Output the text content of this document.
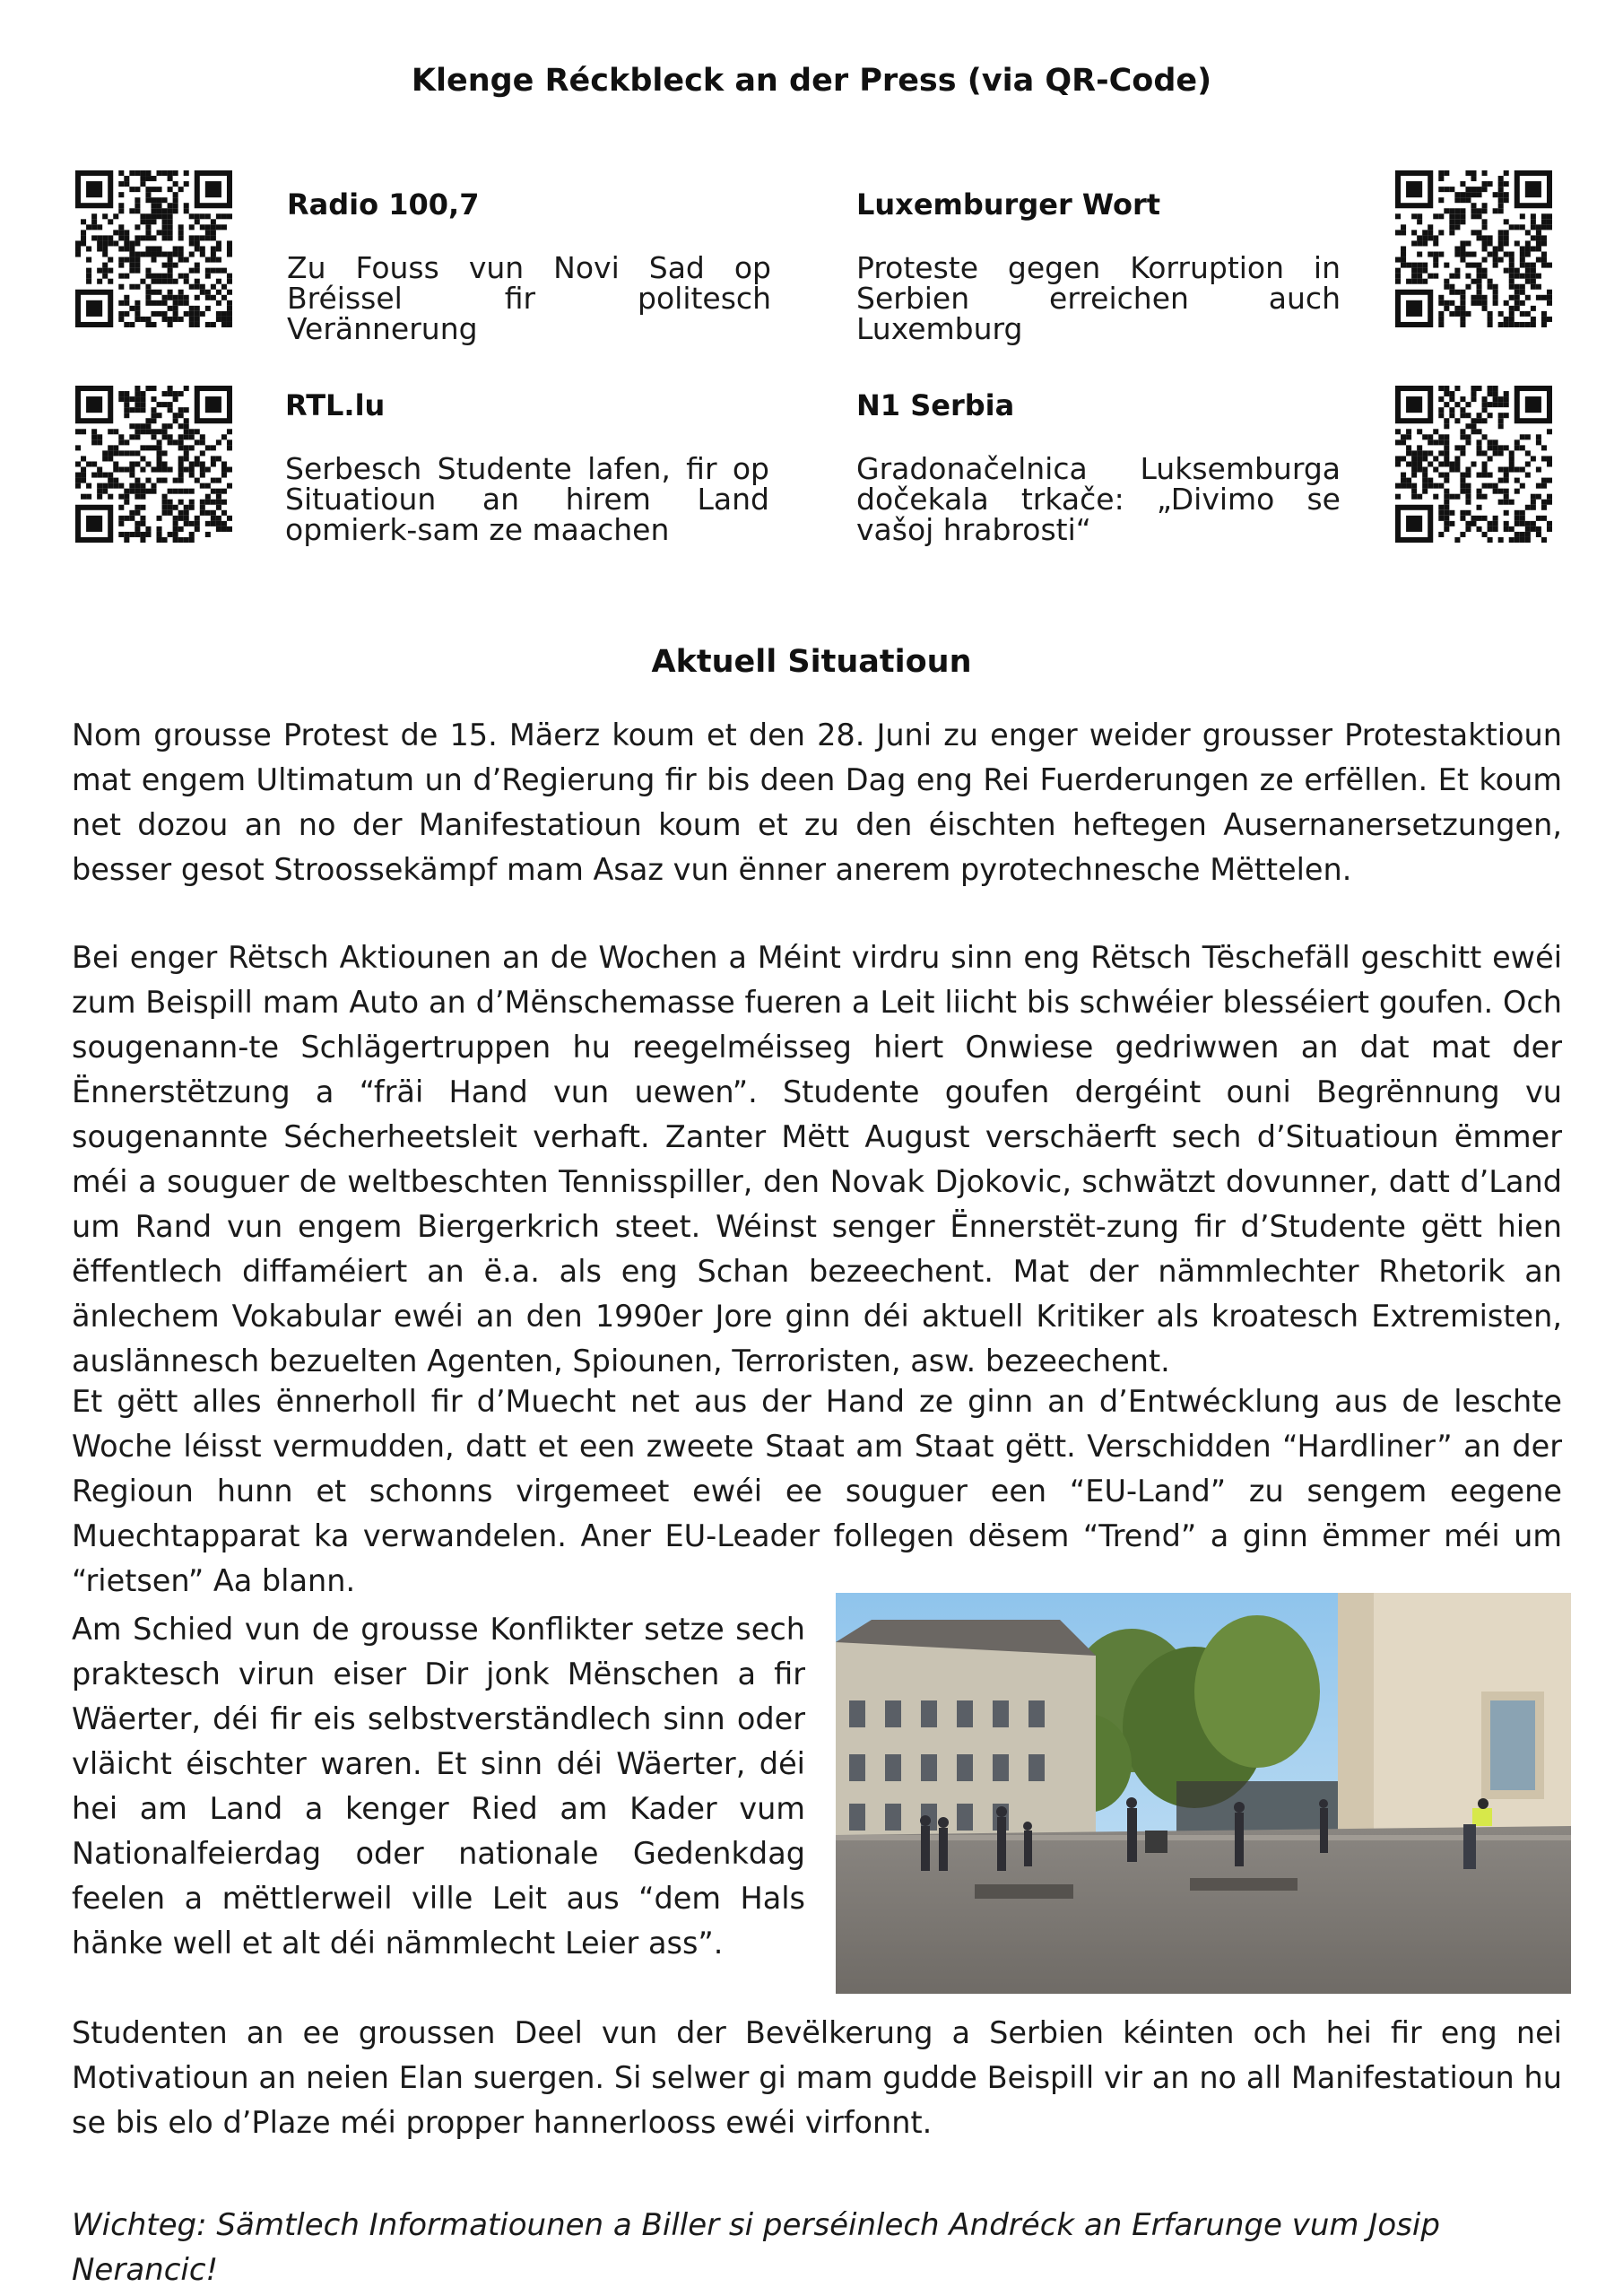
Klenge Réckbleck an der Press (via QR-Code)
Radio 100,7

Zu Fouss vun Novi Sad op Bréissel fir politesch Verännerung

Luxemburger Wort

Proteste gegen Korruption in Serbien erreichen auch Luxemburg

RTL.lu

Serbesch Studente lafen, fir op Situatioun an hirem Land opmierk-sam ze maachen

N1 Serbia

Gradonačelnica Luksemburga dočekala trkače: „Divimo se vašoj hrabrosti“

Aktuell Situatioun

Nom grousse Protest de 15. Mäerz koum et den 28. Juni zu enger weider grousser Protestaktioun mat engem Ultimatum un d’Regierung fir bis deen Dag eng Rei Fuerderungen ze erfëllen. Et koum net dozou an no der Manifestatioun koum et zu den éischten heftegen Ausernanersetzungen, besser gesot Stroossekämpf mam Asaz vun ënner anerem pyrotechnesche Mëttelen.

Bei enger Rëtsch Aktiounen an de Wochen a Méint virdru sinn eng Rëtsch Tëschefäll geschitt ewéi zum Beispill mam Auto an d’Mënschemasse fueren a Leit liicht bis schwéier blesséiert goufen. Och sougenann-te Schlägertruppen hu reegelméisseg hiert Onwiese gedriwwen an dat mat der Ënnerstëtzung a “fräi Hand vun uewen”. Studente goufen dergéint ouni Begrënnung vu sougenannte Sécherheetsleit verhaft. Zanter Mëtt August verschäerft sech d’Situatioun ëmmer méi a souguer de weltbeschten Tennisspiller, den Novak Djokovic, schwätzt dovunner, datt d’Land um Rand vun engem Biergerkrich steet. Wéinst senger Ënnerstët-zung fir d’Studente gëtt hien ëffentlech diffaméiert an ë.a. als eng Schan bezeechent. Mat der nämmlechter Rhetorik an änlechem Vokabular ewéi an den 1990er Jore ginn déi aktuell Kritiker als kroatesch Extremisten, auslännesch bezuelten Agenten, Spiounen, Terroristen, asw. bezeechent.

Et gëtt alles ënnerholl fir d’Muecht net aus der Hand ze ginn an d’Entwécklung aus de leschte Woche léisst vermudden, datt et een zweete Staat am Staat gëtt. Verschidden “Hardliner” an der Regioun hunn et schonns virgemeet ewéi ee souguer een “EU-Land” zu sengem eegene Muechtapparat ka verwandelen. Aner EU-Leader follegen dësem “Trend” a ginn ëmmer méi um “rietsen” Aa blann.

Am Schied vun de grousse Konflikter setze sech praktesch virun eiser Dir jonk Mënschen a fir Wäerter, déi fir eis selbstverständlech sinn oder vläicht éischter waren. Et sinn déi Wäerter, déi hei am Land a kenger Ried am Kader vum Nationalfeierdag oder nationale Gedenkdag feelen a mëttlerweil ville Leit aus “dem Hals hänke well et alt déi nämmlecht Leier ass”.

Studenten an ee groussen Deel vun der Bevëlkerung a Serbien kéinten och hei fir eng nei Motivatioun an neien Elan suergen. Si selwer gi mam gudde Beispill vir an no all Manifestatioun hu se bis elo d’Plaze méi propper hannerlooss ewéi virfonnt.

Wichteg: Sämtlech Informatiounen a Biller si perséinlech Andréck an Erfarunge vum Josip Nerancic!
